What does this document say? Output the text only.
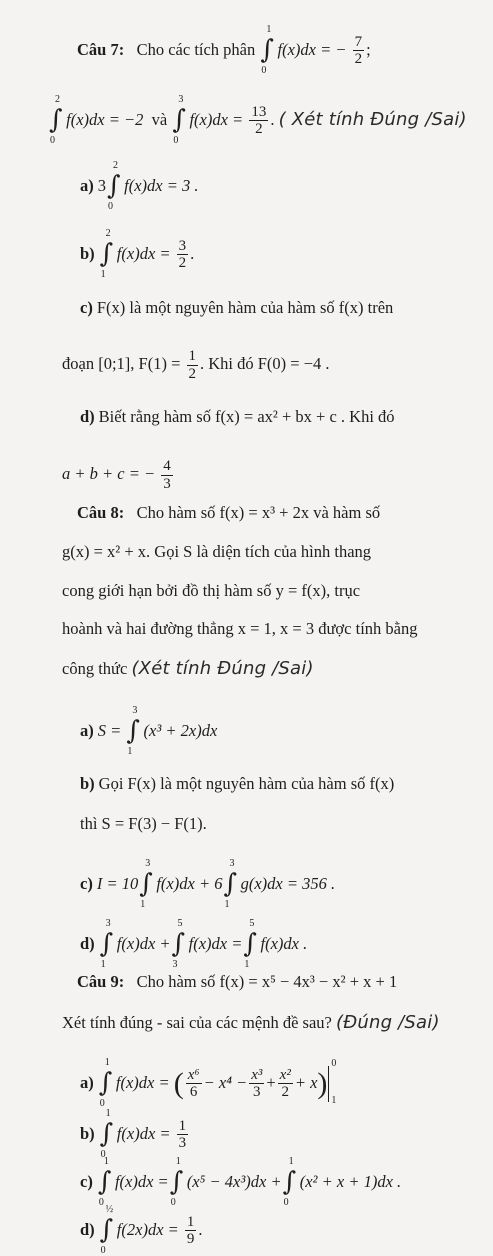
Câu 7: Cho các tích phân ∫
1
0
f(x)dx = − $\frac{7}{2}$ ;
∫
2
0
f(x)dx = −2 và ∫
3
0
$f(x)dx = \frac{13}{2}$ . ( Xét tính Đúng /Sai)
a) 3 ∫
2
0
f(x)dx = 3 .
b) ∫
2
1
$f(x)dx = \frac{3}{2}$ .
c) F(x) là một nguyên hàm của hàm số f(x) trên
đoạn [0;1], $F(1) = \frac{1}{2}$ . Khi đó F(0) = −4 .
d) Biết rằng hàm số f(x) = ax² + bx + c . Khi đó
a + b + c = − $\frac{4}{3}$
Câu 8: Cho hàm số f(x) = x³ + 2x và hàm số
g(x) = x² + x. Gọi S là diện tích của hình thang
cong giới hạn bởi đồ thị hàm số y = f(x), trục
hoành và hai đường thẳng x = 1, x = 3 được tính bằng
công thức (Xét tính Đúng /Sai)
a) S = ∫
3
1
(x³ + 2x)dx
b) Gọi F(x) là một nguyên hàm của hàm số f(x)
thì S = F(3) − F(1).
c) I = 10 ∫
3
1
f(x)dx + 6 ∫
3
1
g(x)dx = 356 .
d) ∫
3
1
f(x)dx + ∫
5
3
f(x)dx = ∫
5
1
f(x)dx .
Câu 9: Cho hàm số f(x) = x⁵ − 4x³ − x² + x + 1
Xét tính đúng - sai của các mệnh đề sau? (Đúng /Sai)
a) ∫
1
0
f(x)dx = ( $\frac{\text{x⁶}}{6} - x^4 - \frac{\text{x³}}{3} + \frac{\text{x²}}{2} + x$)
0
1
b) ∫
1
0
$f(x)dx = \frac{1}{3}$
c) ∫
1
0
f(x)dx = ∫
1
0
(x⁵ − 4x³)dx + ∫
1
0
(x² + x + 1)dx .
d) ∫
½
0
$f(2x)dx = \frac{1}{9}$ .
